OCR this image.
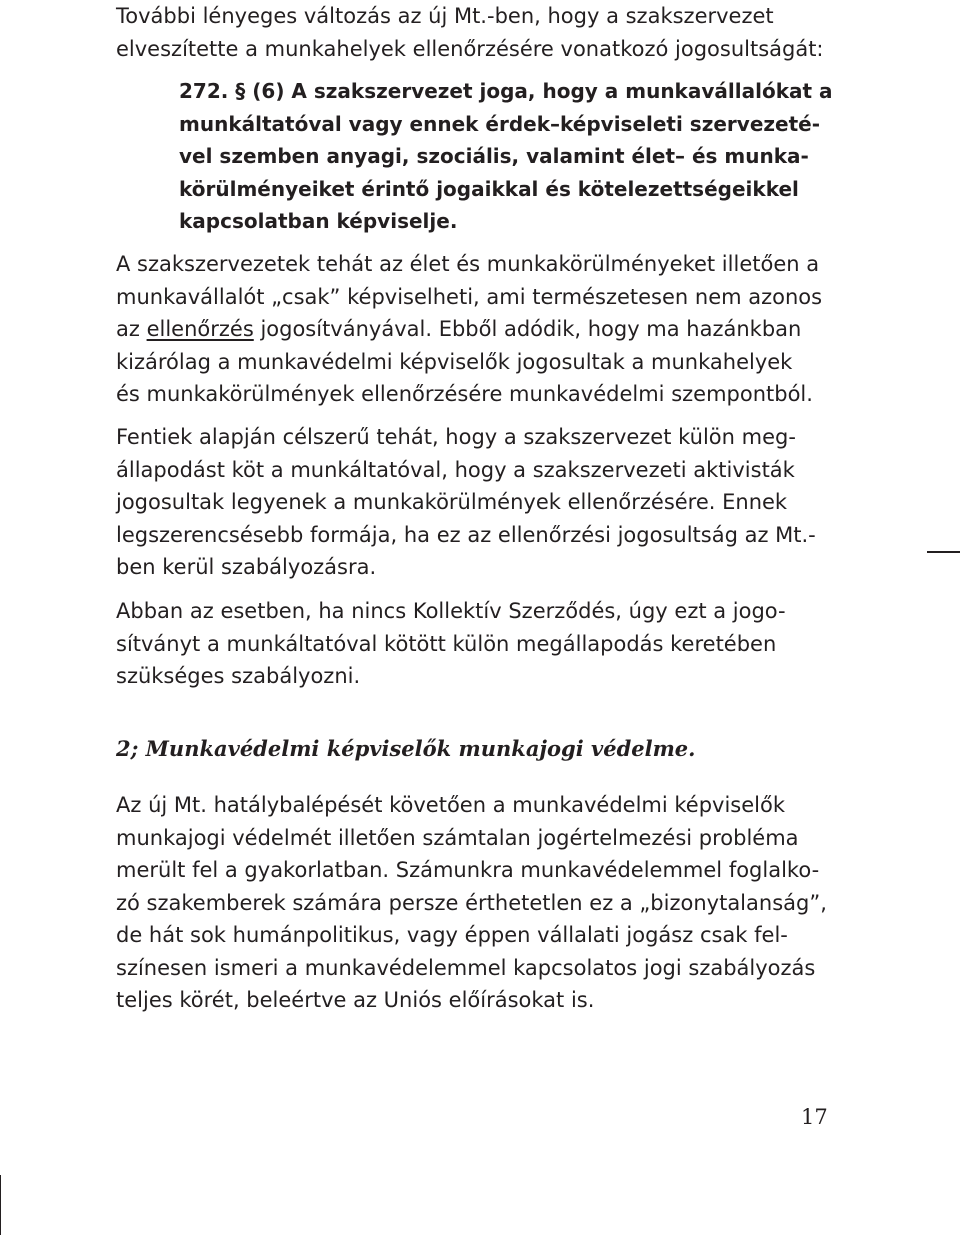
További lényeges változás az új Mt.-ben, hogy a szakszervezet
elveszítette a munkahelyek ellenőrzésére vonatkozó jogosultságát:

272. § (6) A szakszervezet joga, hogy a munkavállalókat a
munkáltatóval vagy ennek érdek–képviseleti szervezeté-
vel szemben anyagi, szociális, valamint élet– és munka-
körülményeiket érintő jogaikkal és kötelezettségeikkel
kapcsolatban képviselje.

A szakszervezetek tehát az élet és munkakörülményeket illetően a
munkavállalót „csak” képviselheti, ami természetesen nem azonos
az ellenőrzés jogosítványával. Ebből adódik, hogy ma hazánkban
kizárólag a munkavédelmi képviselők jogosultak a munkahelyek
és munkakörülmények ellenőrzésére munkavédelmi szempontból.

Fentiek alapján célszerű tehát, hogy a szakszervezet külön meg-
állapodást köt a munkáltatóval, hogy a szakszervezeti aktivisták
jogosultak legyenek a munkakörülmények ellenőrzésére. Ennek
legszerencsésebb formája, ha ez az ellenőrzési jogosultság az Mt.-
ben kerül szabályozásra.

Abban az esetben, ha nincs Kollektív Szerződés, úgy ezt a jogo-
sítványt a munkáltatóval kötött külön megállapodás keretében
szükséges szabályozni.

2; Munkavédelmi képviselők munkajogi védelme.

Az új Mt. hatálybalépését követően a munkavédelmi képviselők
munkajogi védelmét illetően számtalan jogértelmezési probléma
merült fel a gyakorlatban. Számunkra munkavédelemmel foglalko-
zó szakemberek számára persze érthetetlen ez a „bizonytalanság”,
de hát sok humánpolitikus, vagy éppen vállalati jogász csak fel-
színesen ismeri a munkavédelemmel kapcsolatos jogi szabályozás
teljes körét, beleértve az Uniós előírásokat is.

17
